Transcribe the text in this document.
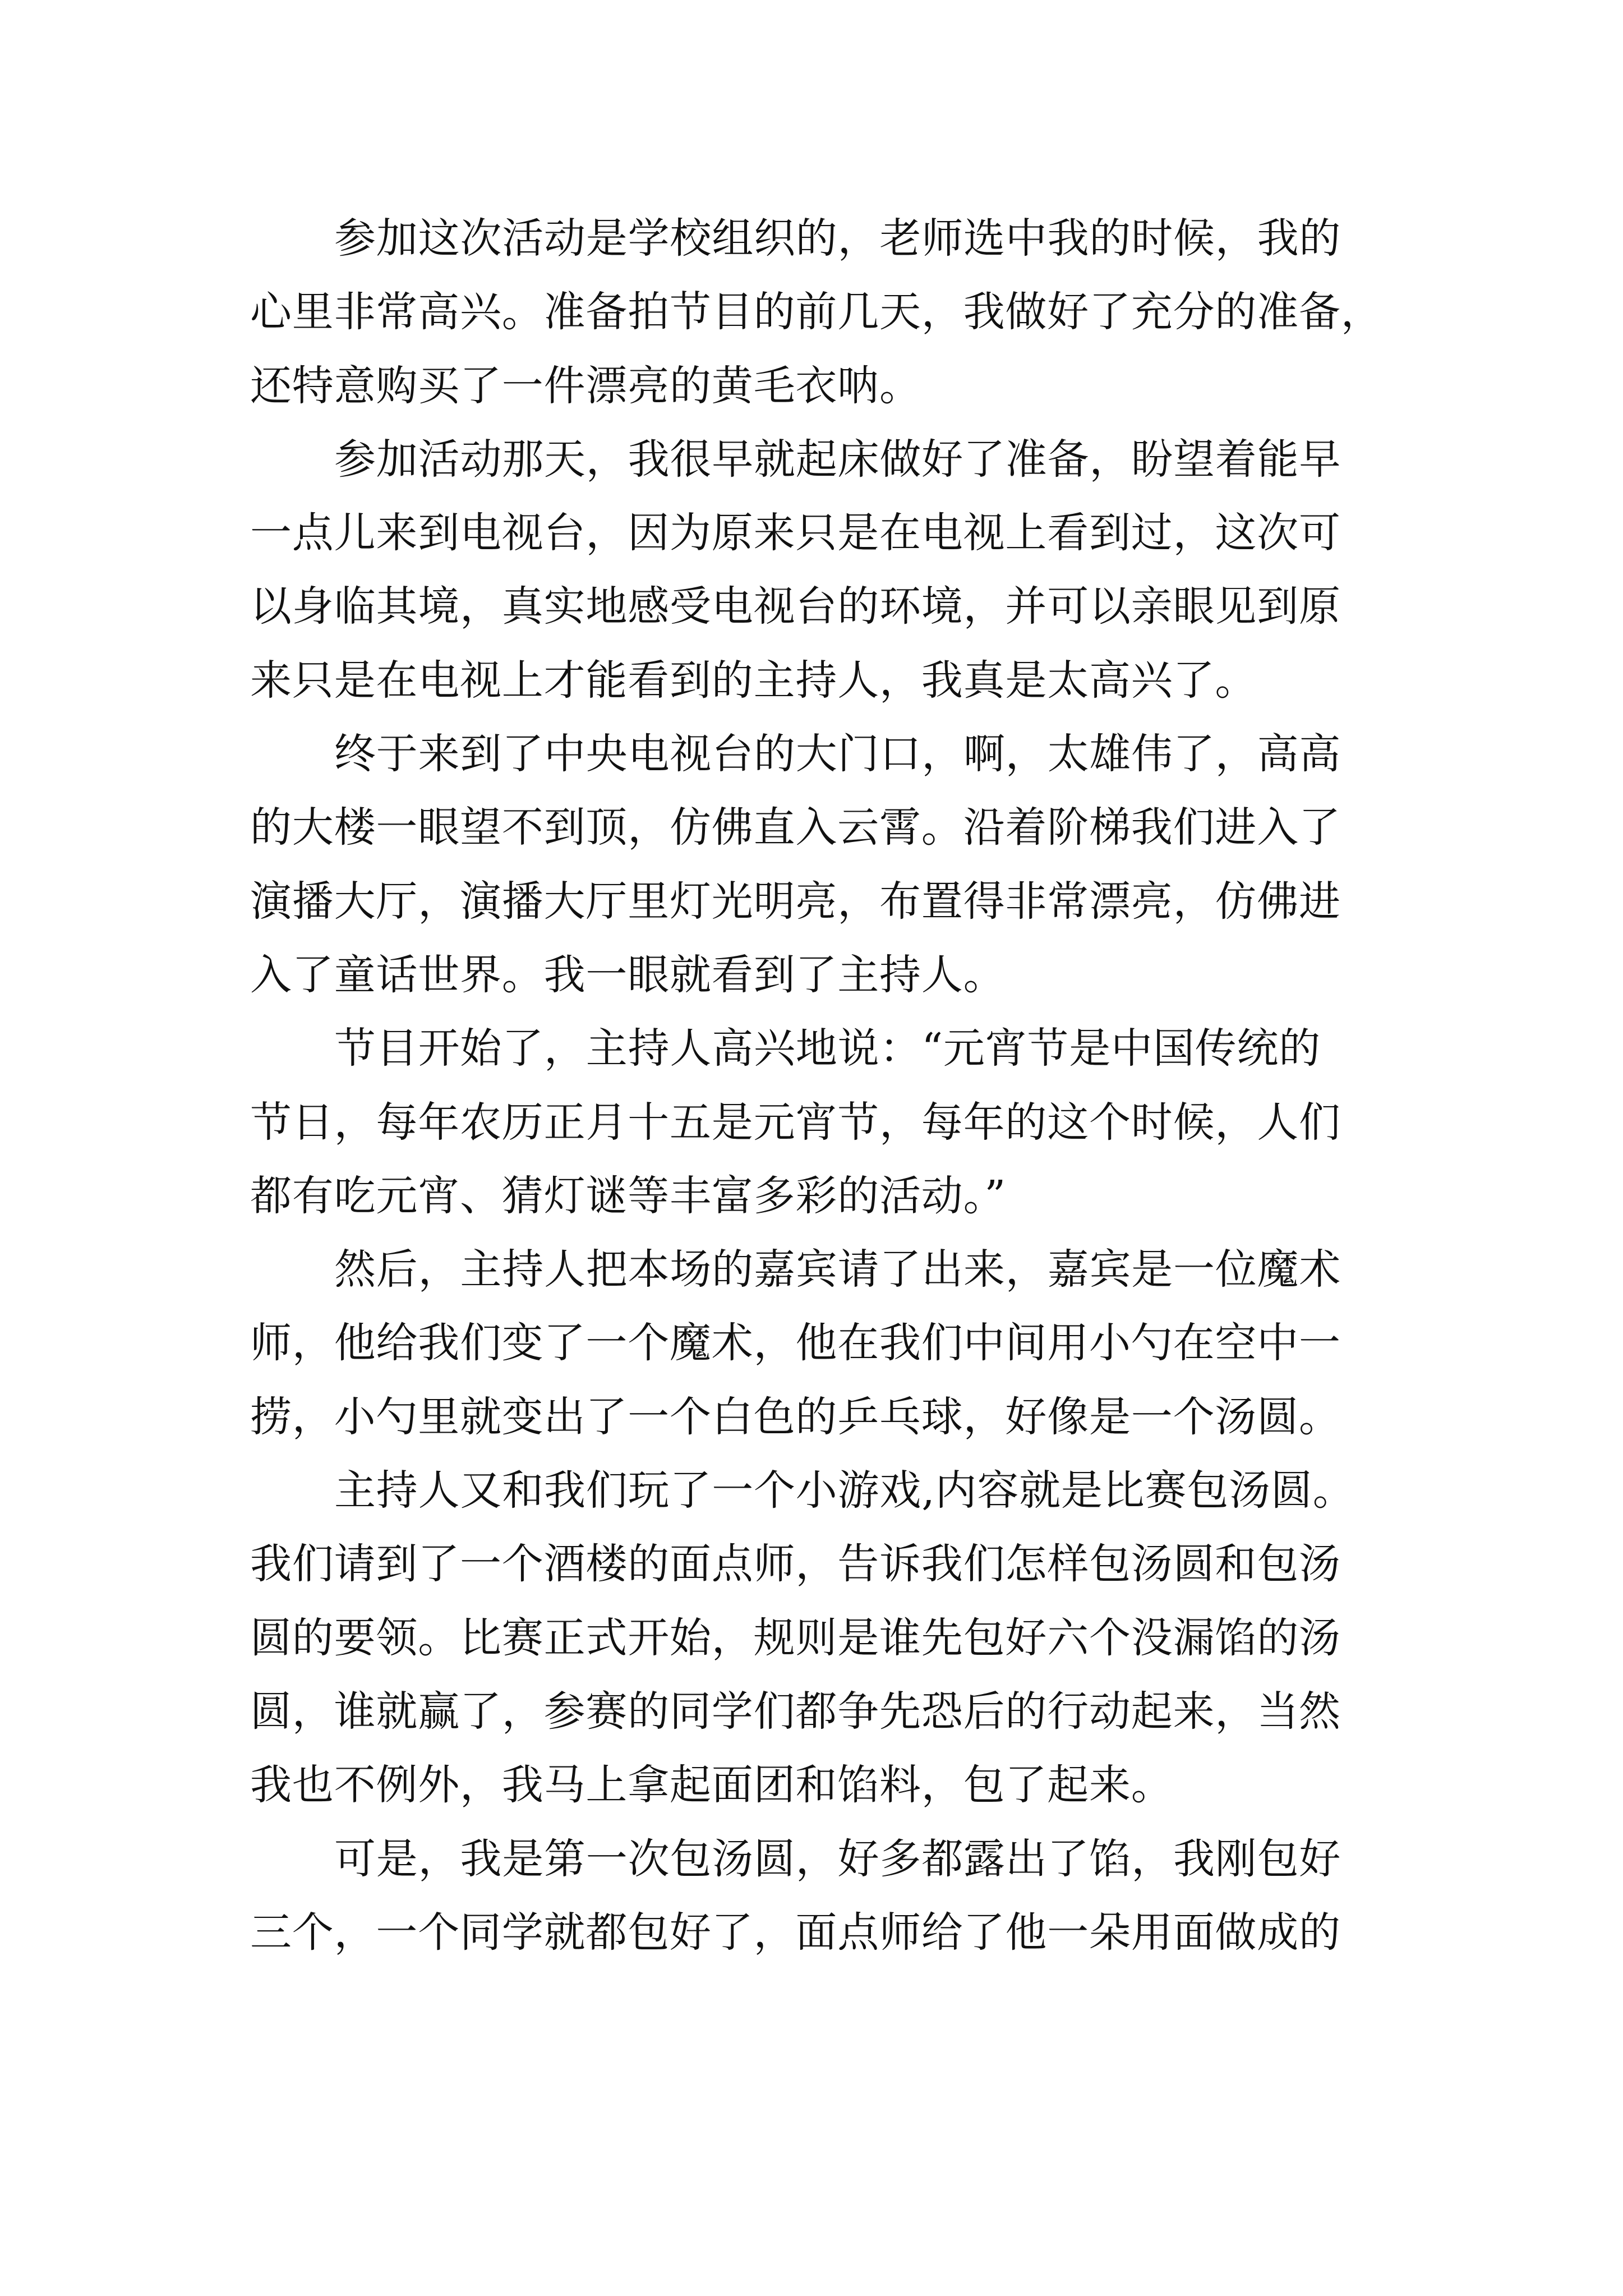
参加这次活动是学校组织的，老师选中我的时候，我的
心里非常高兴。准备拍节目的前几天，我做好了充分的准备，
还特意购买了一件漂亮的黄毛衣呐。
参加活动那天，我很早就起床做好了准备，盼望着能早
一点儿来到电视台，因为原来只是在电视上看到过，这次可
以身临其境，真实地感受电视台的环境，并可以亲眼见到原
来只是在电视上才能看到的主持人，我真是太高兴了。
终于来到了中央电视台的大门口，啊，太雄伟了，高高
的大楼一眼望不到顶，仿佛直入云霄。沿着阶梯我们进入了
演播大厅，演播大厅里灯光明亮，布置得非常漂亮，仿佛进
入了童话世界。我一眼就看到了主持人。
节目开始了，主持人高兴地说：“元宵节是中国传统的
节日，每年农历正月十五是元宵节，每年的这个时候，人们
都有吃元宵、猜灯谜等丰富多彩的活动。”
然后，主持人把本场的嘉宾请了出来，嘉宾是一位魔术
师，他给我们变了一个魔术，他在我们中间用小勺在空中一
捞，小勺里就变出了一个白色的乒乓球，好像是一个汤圆。
主持人又和我们玩了一个小游戏,内容就是比赛包汤圆。
我们请到了一个酒楼的面点师，告诉我们怎样包汤圆和包汤
圆的要领。比赛正式开始，规则是谁先包好六个没漏馅的汤
圆，谁就赢了，参赛的同学们都争先恐后的行动起来，当然
我也不例外，我马上拿起面团和馅料，包了起来。
可是，我是第一次包汤圆，好多都露出了馅，我刚包好
三个，一个同学就都包好了，面点师给了他一朵用面做成的
